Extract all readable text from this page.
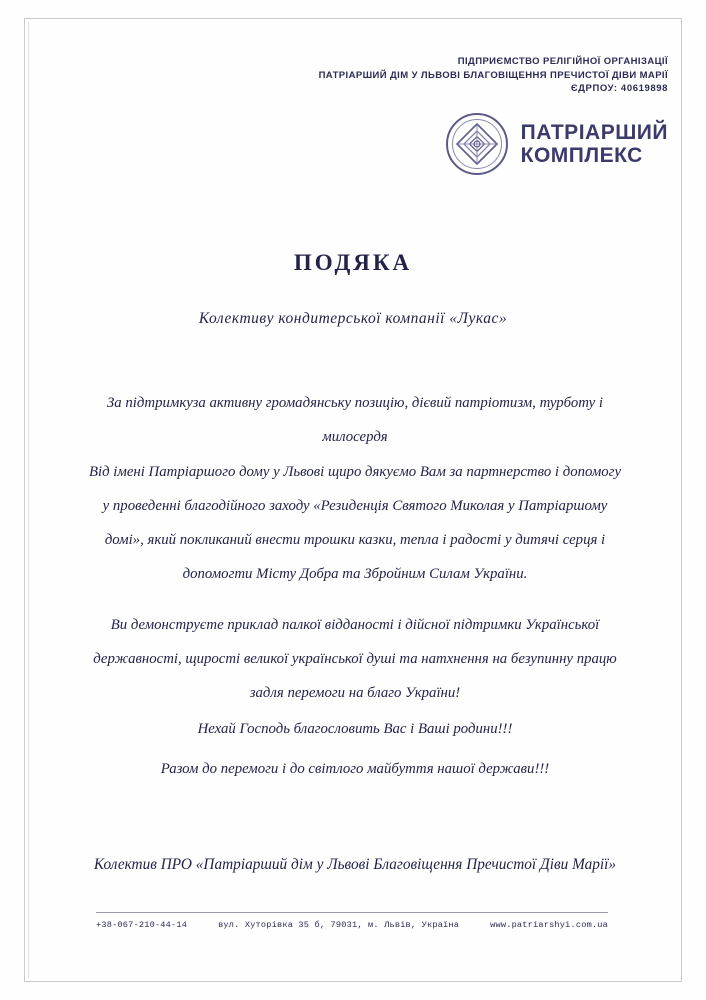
ПІДПРИЄМСТВО РЕЛІГІЙНОЇ ОРГАНІЗАЦІЇ
ПАТРІАРШИЙ ДІМ У ЛЬВОВІ БЛАГОВІЩЕННЯ ПРЕЧИСТОЇ ДІВИ МАРІЇ
ЄДРПОУ: 40619898
ПАТРІАРШИЙ
КОМПЛЕКС
ПОДЯКА
Колективу кондитерської компанії «Лукас»
За підтримкуза активну громадянську позицію, дієвий патріотизм, турботу і милосердя
Від імені Патріаршого дому у Львові щиро дякуємо Вам за партнерство і допомогу у проведенні благодійного заходу «Резиденція Святого Миколая у Патріаршому домі», який покликаний внести трошки казки, тепла і радості у дитячі серця і допомогти Місту Добра та Збройним Силам України.
Ви демонструєте приклад палкої відданості і дійсної підтримки Української державності, щирості великої української душі та натхнення на безупинну працю задля перемоги на благо України!
Нехай Господь благословить Вас і Ваші родини!!!
Разом до перемоги і до світлого майбуття нашої держави!!!
Колектив ПРО «Патріарший дім у Львові Благовіщення Пречистої Діви Марії»
+38-067-210-44-14	вул. Хуторівка 35 б, 79031, м. Львів, Україна	www.patriarshyi.com.ua
